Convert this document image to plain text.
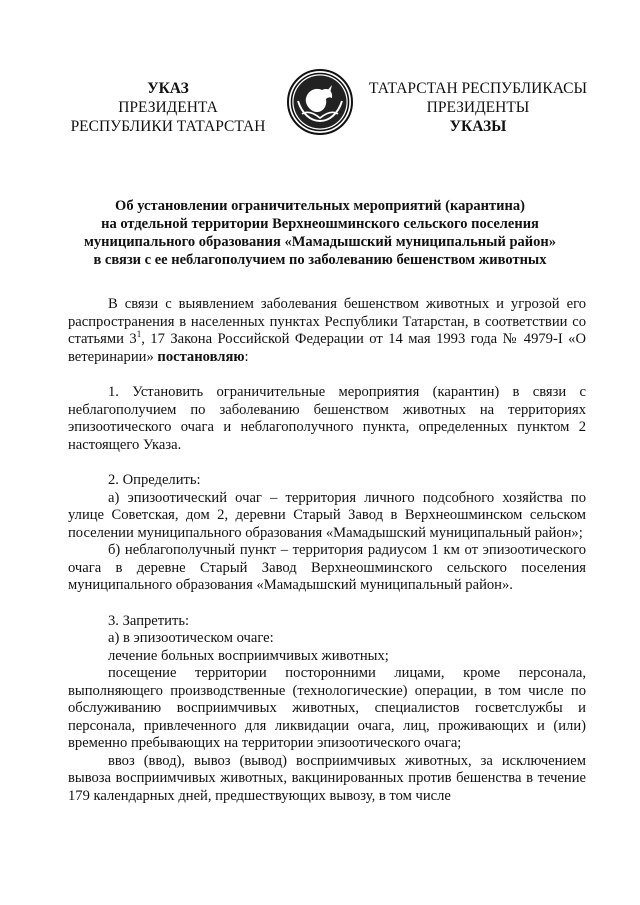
УКАЗ
ПРЕЗИДЕНТА
РЕСПУБЛИКИ ТАТАРСТАН
ТАТАРСТАН РЕСПУБЛИКАСЫ
ПРЕЗИДЕНТЫ
УКАЗЫ
Об установлении ограничительных мероприятий (карантина)
на отдельной территории Верхнеошминского сельского поселения
муниципального образования «Мамадышский муниципальный район»
в связи с ее неблагополучием по заболеванию бешенством животных

В связи с выявлением заболевания бешенством животных и угрозой его распространения в населенных пунктах Республики Татарстан, в соответствии со статьями $3^1$, 17 Закона Российской Федерации от 14 мая 1993 года № 4979-I «О ветеринарии» постановляю:

1. Установить ограничительные мероприятия (карантин) в связи с неблагополучием по заболеванию бешенством животных на территориях эпизоотического очага и неблагополучного пункта, определенных пунктом 2 настоящего Указа.

2. Определить:

а) эпизоотический очаг – территория личного подсобного хозяйства по улице Советская, дом 2, деревни Старый Завод в Верхнеошминском сельском поселении муниципального образования «Мамадышский муниципальный район»;

б) неблагополучный пункт – территория радиусом 1 км от эпизоотического очага в деревне Старый Завод Верхнеошминского сельского поселения муниципального образования «Мамадышский муниципальный район».

3. Запретить:

а) в эпизоотическом очаге:

лечение больных восприимчивых животных;

посещение территории посторонними лицами, кроме персонала, выполняющего производственные (технологические) операции, в том числе по обслуживанию восприимчивых животных, специалистов госветслужбы и персонала, привлеченного для ликвидации очага, лиц, проживающих и (или) временно пребывающих на территории эпизоотического очага;

ввоз (ввод), вывоз (вывод) восприимчивых животных, за исключением вывоза восприимчивых животных, вакцинированных против бешенства в течение 179 календарных дней, предшествующих вывозу, в том числе
